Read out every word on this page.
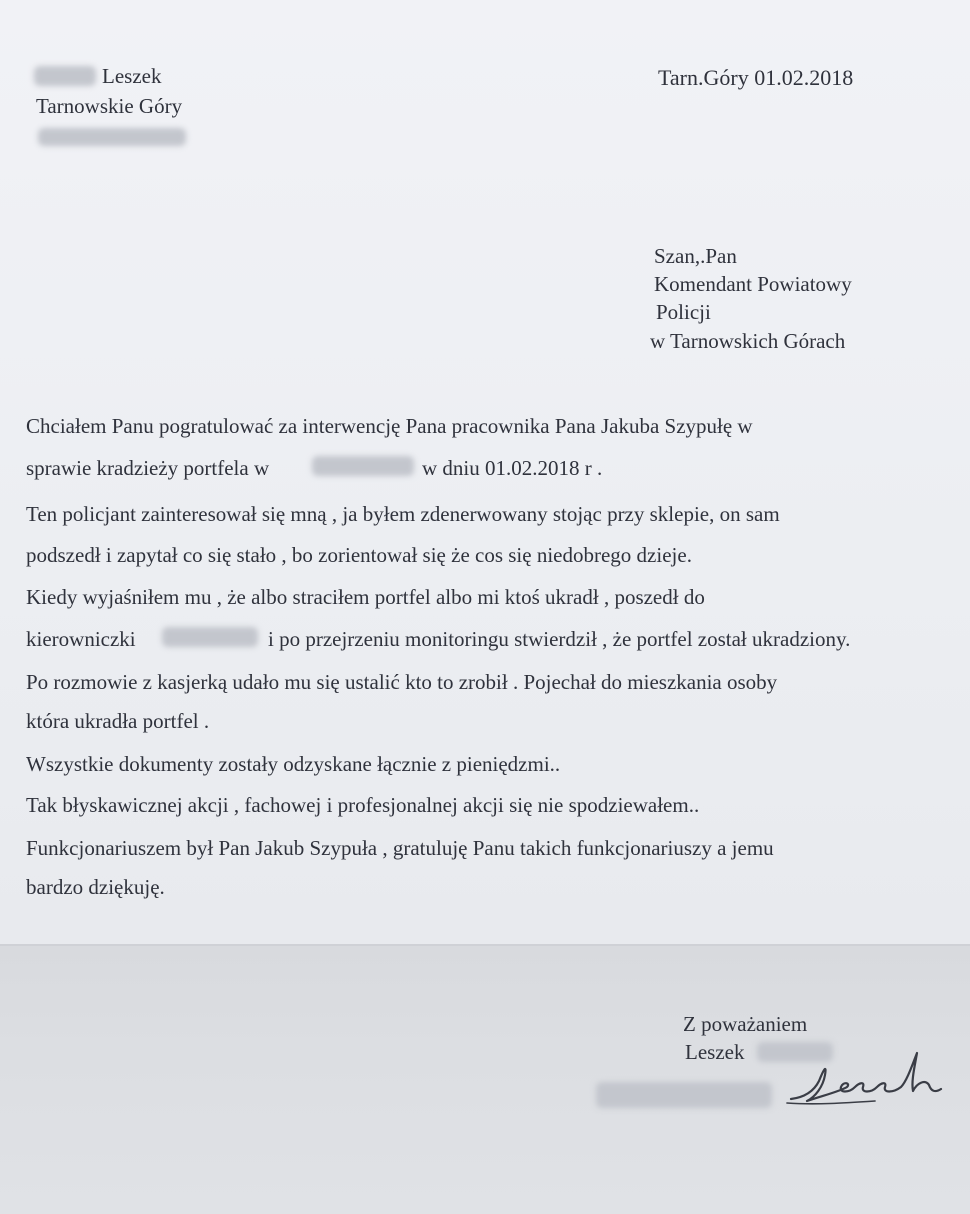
Leszek
Tarnowskie Góry
Tarn.Góry 01.02.2018
Szan,.Pan
Komendant Powiatowy
Policji
w Tarnowskich Górach
Chciałem Panu pogratulować za interwencję Pana pracownika Pana Jakuba Szypułę w
sprawie kradzieży portfela w	w dniu 01.02.2018 r .
Ten policjant zainteresował się mną , ja byłem zdenerwowany stojąc przy sklepie, on sam
podszedł i zapytał co się stało , bo zorientował się że cos się niedobrego dzieje.
Kiedy wyjaśniłem mu , że albo straciłem portfel albo mi ktoś ukradł , poszedł do
kierowniczki	i po przejrzeniu monitoringu stwierdził , że portfel został ukradziony.
Po rozmowie z kasjerką udało mu się ustalić kto to zrobił . Pojechał do mieszkania osoby
która ukradła portfel .
Wszystkie dokumenty zostały odzyskane łącznie z pieniędzmi..
Tak błyskawicznej akcji , fachowej i profesjonalnej akcji się nie spodziewałem..
Funkcjonariuszem był Pan Jakub Szypuła , gratuluję Panu takich funkcjonariuszy a jemu
bardzo dziękuję.
Z poważaniem
Leszek
